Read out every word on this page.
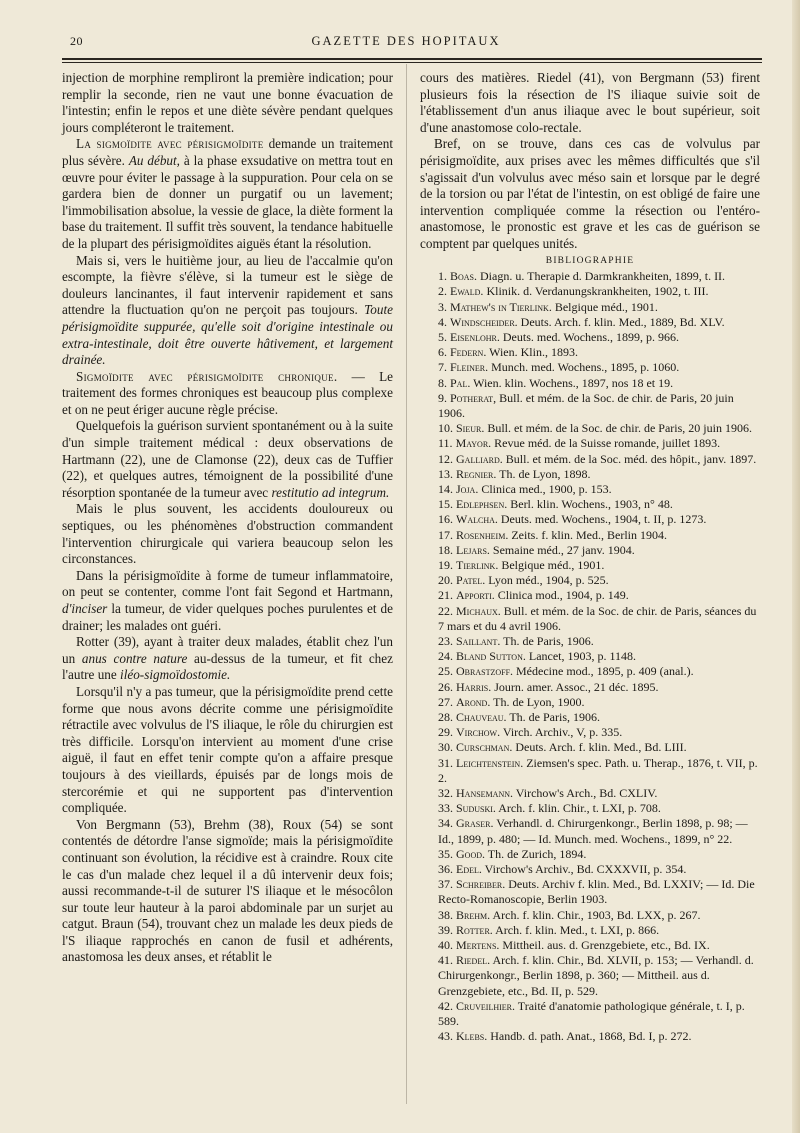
20	GAZETTE DES HOPITAUX

injection de morphine rempliront la première indication; pour remplir la seconde, rien ne vaut une bonne évacuation de l'intestin; enfin le repos et une diète sévère pendant quelques jours compléteront le traitement.

La sigmoïdite avec périsigmoïdite demande un traitement plus sévère. Au début, à la phase exsudative on mettra tout en œuvre pour éviter le passage à la suppuration. Pour cela on se gardera bien de donner un purgatif ou un lavement; l'immobilisation absolue, la vessie de glace, la diète forment la base du traitement. Il suffit très souvent, la tendance habituelle de la plupart des périsigmoïdites aiguës étant la résolution.

Mais si, vers le huitième jour, au lieu de l'accalmie qu'on escompte, la fièvre s'élève, si la tumeur est le siège de douleurs lancinantes, il faut intervenir rapidement et sans attendre la fluctuation qu'on ne perçoit pas toujours. Toute périsigmoïdite suppurée, qu'elle soit d'origine intestinale ou extra-intestinale, doit être ouverte hâtivement, et largement drainée.

Sigmoïdite avec périsigmoïdite chronique. — Le traitement des formes chroniques est beaucoup plus complexe et on ne peut ériger aucune règle précise.

Quelquefois la guérison survient spontanément ou à la suite d'un simple traitement médical : deux observations de Hartmann (22), une de Clamonse (22), deux cas de Tuffier (22), et quelques autres, témoignent de la possibilité d'une résorption spontanée de la tumeur avec restitutio ad integrum.

Mais le plus souvent, les accidents douloureux ou septiques, ou les phénomènes d'obstruction commandent l'intervention chirurgicale qui variera beaucoup selon les circonstances.

Dans la périsigmoïdite à forme de tumeur inflammatoire, on peut se contenter, comme l'ont fait Segond et Hartmann, d'inciser la tumeur, de vider quelques poches purulentes et de drainer; les malades ont guéri.

Rotter (39), ayant à traiter deux malades, établit chez l'un un anus contre nature au-dessus de la tumeur, et fit chez l'autre une iléo-sigmoïdostomie.

Lorsqu'il n'y a pas tumeur, que la périsigmoïdite prend cette forme que nous avons décrite comme une périsigmoïdite rétractile avec volvulus de l'S iliaque, le rôle du chirurgien est très difficile. Lorsqu'on intervient au moment d'une crise aiguë, il faut en effet tenir compte qu'on a affaire presque toujours à des vieillards, épuisés par de longs mois de stercorémie et qui ne supportent pas d'intervention compliquée.

Von Bergmann (53), Brehm (38), Roux (54) se sont contentés de détordre l'anse sigmoïde; mais la périsigmoïdite continuant son évolution, la récidive est à craindre. Roux cite le cas d'un malade chez lequel il a dû intervenir deux fois; aussi recommande-t-il de suturer l'S iliaque et le mésocôlon sur toute leur hauteur à la paroi abdominale par un surjet au catgut. Braun (54), trouvant chez un malade les deux pieds de l'S iliaque rapprochés en canon de fusil et adhérents, anastomosa les deux anses, et rétablit le

cours des matières. Riedel (41), von Bergmann (53) firent plusieurs fois la résection de l'S iliaque suivie soit de l'établissement d'un anus iliaque avec le bout supérieur, soit d'une anastomose colo-rectale.

Bref, on se trouve, dans ces cas de volvulus par périsigmoïdite, aux prises avec les mêmes difficultés que s'il s'agissait d'un volvulus avec méso sain et lorsque par le degré de la torsion ou par l'état de l'intestin, on est obligé de faire une intervention compliquée comme la résection ou l'entéro-anastomose, le pronostic est grave et les cas de guérison se comptent par quelques unités.

BIBLIOGRAPHIE

1. Boas. Diagn. u. Therapie d. Darmkrankheiten, 1899, t. II.
2. Ewald. Klinik. d. Verdanungskrankheiten, 1902, t. III.
3. Mathew's in Tierlink. Belgique méd., 1901.
4. Windscheider. Deuts. Arch. f. klin. Med., 1889, Bd. XLV.
5. Eisenlohr. Deuts. med. Wochens., 1899, p. 966.
6. Federn. Wien. Klin., 1893.
7. Fleiner. Munch. med. Wochens., 1895, p. 1060.
8. Pal. Wien. klin. Wochens., 1897, nos 18 et 19.
9. Potherat, Bull. et mém. de la Soc. de chir. de Paris, 20 juin 1906.
10. Sieur. Bull. et mém. de la Soc. de chir. de Paris, 20 juin 1906.
11. Mayor. Revue méd. de la Suisse romande, juillet 1893.
12. Galliard. Bull. et mém. de la Soc. méd. des hôpit., janv. 1897.
13. Regnier. Th. de Lyon, 1898.
14. Joja. Clinica med., 1900, p. 153.
15. Edlephsen. Berl. klin. Wochens., 1903, n° 48.
16. Walcha. Deuts. med. Wochens., 1904, t. II, p. 1273.
17. Rosenheim. Zeits. f. klin. Med., Berlin 1904.
18. Lejars. Semaine méd., 27 janv. 1904.
19. Tierlink. Belgique méd., 1901.
20. Patel. Lyon méd., 1904, p. 525.
21. Apporti. Clinica mod., 1904, p. 149.
22. Michaux. Bull. et mém. de la Soc. de chir. de Paris, séances du 7 mars et du 4 avril 1906.
23. Saillant. Th. de Paris, 1906.
24. Bland Sutton. Lancet, 1903, p. 1148.
25. Obrastzoff. Médecine mod., 1895, p. 409 (anal.).
26. Harris. Journ. amer. Assoc., 21 déc. 1895.
27. Arond. Th. de Lyon, 1900.
28. Chauveau. Th. de Paris, 1906.
29. Virchow. Virch. Archiv., V, p. 335.
30. Curschman. Deuts. Arch. f. klin. Med., Bd. LIII.
31. Leichtenstein. Ziemsen's spec. Path. u. Therap., 1876, t. VII, p. 2.
32. Hansemann. Virchow's Arch., Bd. CXLIV.
33. Suduski. Arch. f. klin. Chir., t. LXI, p. 708.
34. Graser. Verhandl. d. Chirurgenkongr., Berlin 1898, p. 98; — Id., 1899, p. 480; — Id. Munch. med. Wochens., 1899, n° 22.
35. Good. Th. de Zurich, 1894.
36. Edel. Virchow's Archiv., Bd. CXXXVII, p. 354.
37. Schreiber. Deuts. Archiv f. klin. Med., Bd. LXXIV; — Id. Die Recto-Romanoscopie, Berlin 1903.
38. Brehm. Arch. f. klin. Chir., 1903, Bd. LXX, p. 267.
39. Rotter. Arch. f. klin. Med., t. LXI, p. 866.
40. Mertens. Mittheil. aus. d. Grenzgebiete, etc., Bd. IX.
41. Riedel. Arch. f. klin. Chir., Bd. XLVII, p. 153; — Verhandl. d. Chirurgenkongr., Berlin 1898, p. 360; — Mittheil. aus d. Grenzgebiete, etc., Bd. II, p. 529.
42. Cruveilhier. Traité d'anatomie pathologique générale, t. I, p. 589.
43. Klebs. Handb. d. path. Anat., 1868, Bd. I, p. 272.
